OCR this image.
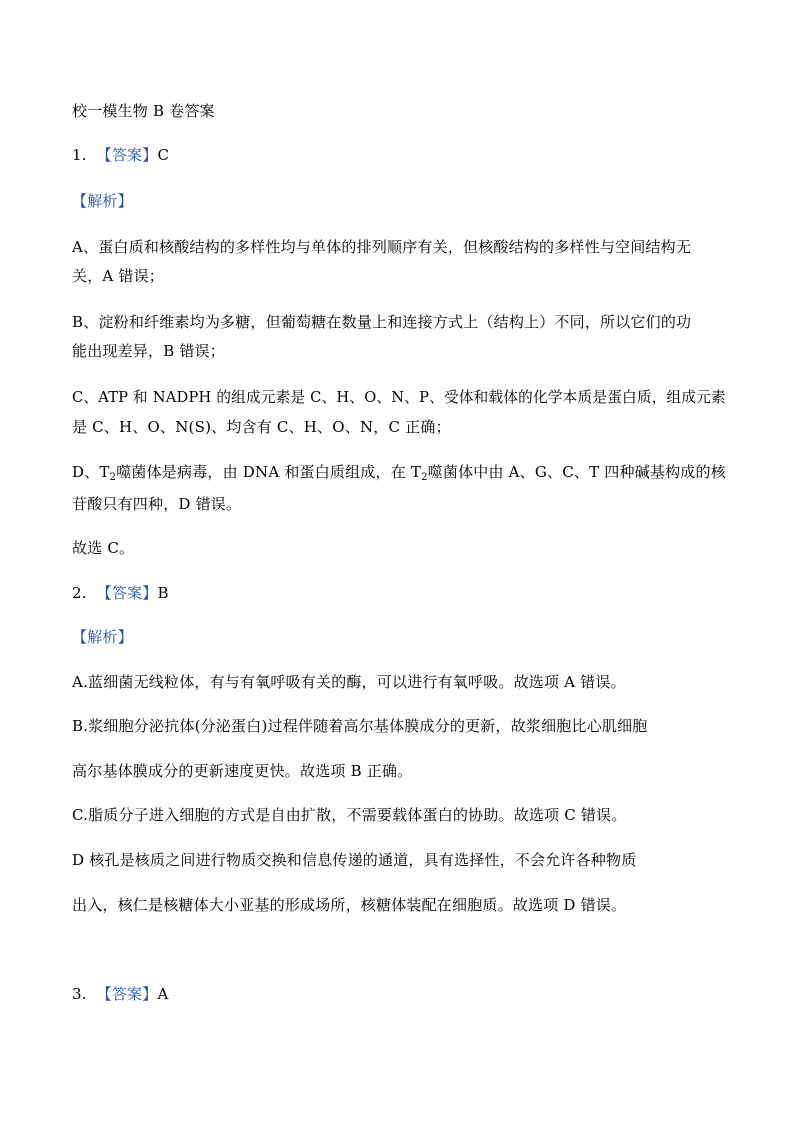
校一模生物 B 卷答案
1. 【答案】C
【解析】
A、蛋白质和核酸结构的多样性均与单体的排列顺序有关，但核酸结构的多样性与空间结构无
关，A 错误；
B、淀粉和纤维素均为多糖，但葡萄糖在数量上和连接方式上（结构上）不同，所以它们的功
能出现差异，B 错误；
C、ATP 和 NADPH 的组成元素是 C、H、O、N、P、受体和载体的化学本质是蛋白质，组成元素
是 C、H、O、N(S)、均含有 C、H、O、N，C 正确；
D、$T_2$噬菌体是病毒，由 DNA 和蛋白质组成，在 $T_2$噬菌体中由 A、G、C、T 四种碱基构成的核
苷酸只有四种，D 错误。
故选 C。
2. 【答案】B
【解析】
A.蓝细菌无线粒体，有与有氧呼吸有关的酶，可以进行有氧呼吸。故选项 A 错误。
B.浆细胞分泌抗体(分泌蛋白)过程伴随着高尔基体膜成分的更新，故浆细胞比心肌细胞
高尔基体膜成分的更新速度更快。故选项 B 正确。
C.脂质分子进入细胞的方式是自由扩散，不需要载体蛋白的协助。故选项 C 错误。
D 核孔是核质之间进行物质交换和信息传递的通道，具有选择性，不会允许各种物质
出入，核仁是核糖体大小亚基的形成场所，核糖体装配在细胞质。故选项 D 错误。
3. 【答案】A
